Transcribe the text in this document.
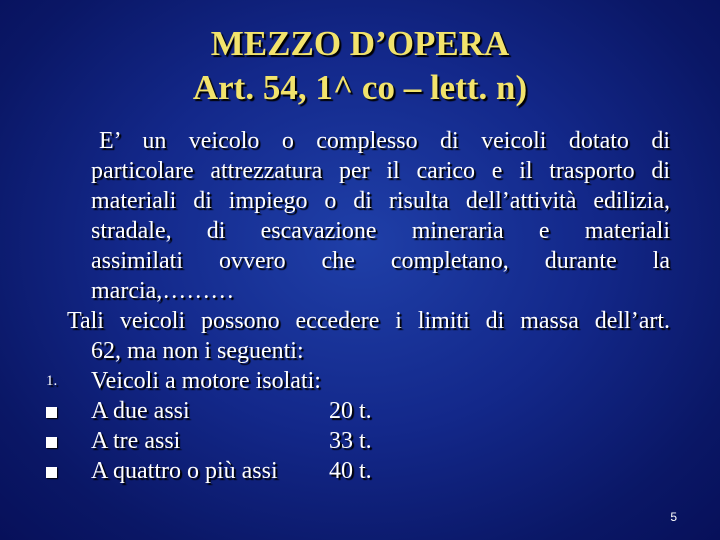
MEZZO D’OPERA
Art. 54, 1^ co – lett. n)
E’ un veicolo o complesso di veicoli dotato di
particolare attrezzatura per il carico e il trasporto di
materiali di impiego o di risulta dell’attività edilizia,
stradale, di escavazione mineraria e materiali
assimilati ovvero che completano, durante la
marcia,………
Tali veicoli possono eccedere i limiti di massa dell’art.
62, ma non i seguenti:
1. Veicoli a motore isolati:
A due assi	20 t.
A tre assi	33 t.
A quattro o più assi 40 t.
5
